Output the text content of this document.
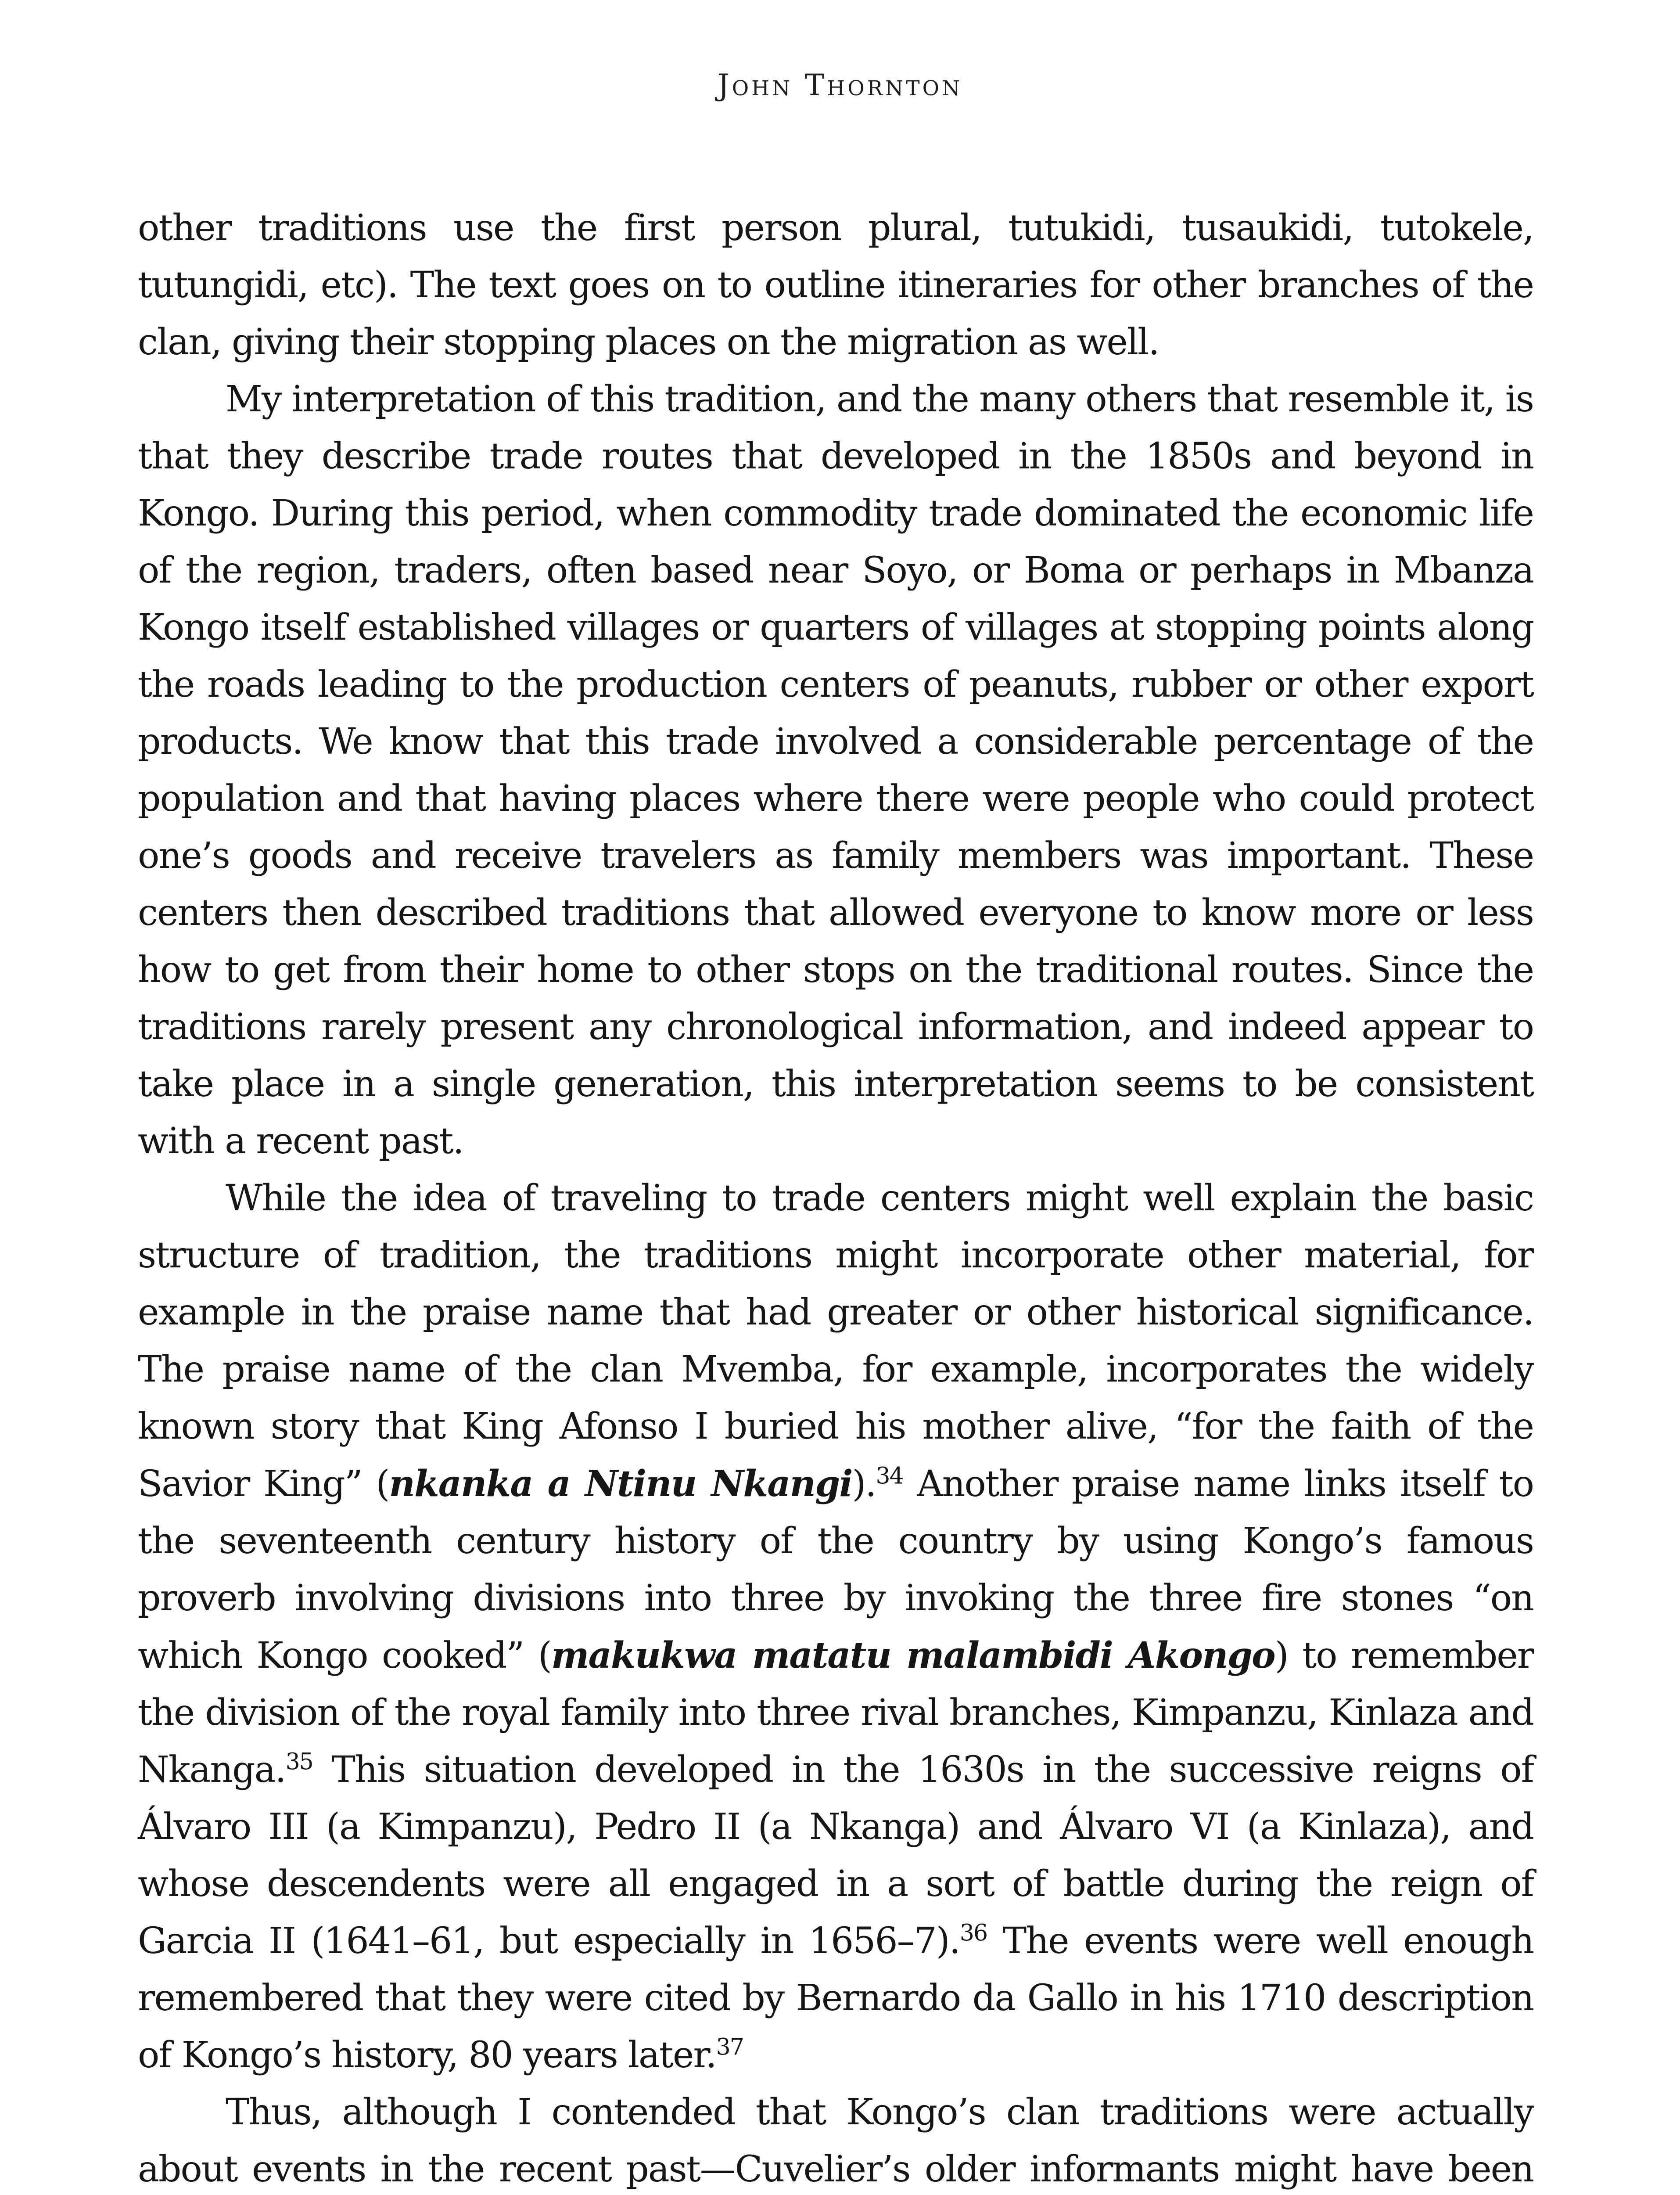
John Thornton

other traditions use the first person plural, tutukidi, tusaukidi, tutokele, tutungidi, etc). The text goes on to outline itineraries for other branches of the clan, giving their stopping places on the migration as well.

My interpretation of this tradition, and the many others that resemble it, is that they describe trade routes that developed in the 1850s and beyond in Kongo. During this period, when commodity trade dominated the economic life of the region, traders, often based near Soyo, or Boma or perhaps in Mbanza Kongo itself established villages or quarters of villages at stopping points along the roads leading to the production centers of peanuts, rubber or other export products. We know that this trade involved a considerable percentage of the population and that having places where there were people who could protect one’s goods and receive travelers as family members was important. These centers then described traditions that allowed everyone to know more or less how to get from their home to other stops on the traditional routes. Since the traditions rarely present any chronological information, and indeed appear to take place in a single generation, this interpretation seems to be consistent with a recent past.

While the idea of traveling to trade centers might well explain the basic structure of tradition, the traditions might incorporate other material, for example in the praise name that had greater or other historical significance. The praise name of the clan Mvemba, for example, incorporates the widely known story that King Afonso I buried his mother alive, “for the faith of the Savior King” (nkanka a Ntinu Nkangi).$^{34}$ Another praise name links itself to the seventeenth century history of the country by using Kongo’s famous proverb involving divisions into three by invoking the three fire stones “on which Kongo cooked” (makukwa matatu malambidi Akongo) to remember the division of the royal family into three rival branches, Kimpanzu, Kinlaza and Nkanga.$^{35}$ This situation developed in the 1630s in the successive reigns of Álvaro III (a Kimpanzu), Pedro II (a Nkanga) and Álvaro VI (a Kinlaza), and whose descendents were all engaged in a sort of battle during the reign of Garcia II (1641–61, but especially in 1656–7).$^{36}$ The events were well enough remembered that they were cited by Bernardo da Gallo in his 1710 description of Kongo’s history, 80 years later.$^{37}$

Thus, although I contended that Kongo’s clan traditions were actually about events in the recent past—Cuvelier’s older informants might have been
